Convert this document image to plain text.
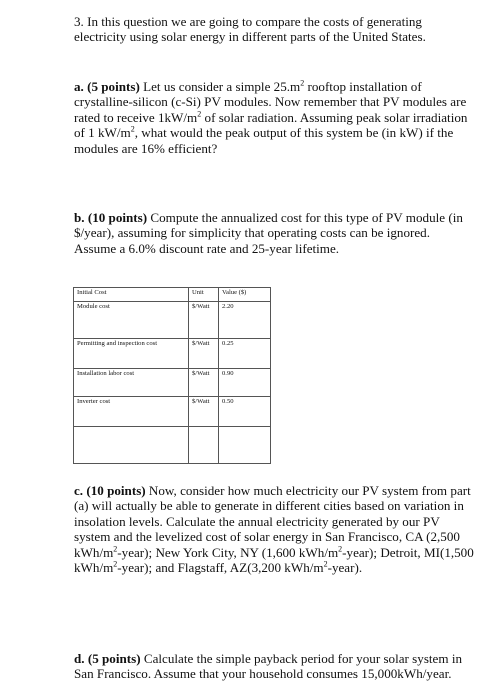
3. In this question we are going to compare the costs of generating electricity using solar energy in different parts of the United States.

a. (5 points) Let us consider a simple $25.m^2$ rooftop installation of crystalline-silicon (c-Si) PV modules. Now remember that PV modules are rated to receive $1kW/m^2$ of solar radiation. Assuming peak solar irradiation of 1 $kW/m^2$, what would the peak output of this system be (in kW) if the modules are 16% efficient?

b. (10 points) Compute the annualized cost for this type of PV module (in $/year), assuming for simplicity that operating costs can be ignored. Assume a 6.0% discount rate and 25-year lifetime.

Initial Cost	Unit	Value ($)
Module cost	$/Watt	2.20
Permitting and inspection cost	$/Watt	0.25
Installation labor cost	$/Watt	0.90
Inverter cost	$/Watt	0.50

c. (10 points) Now, consider how much electricity our PV system from part (a) will actually be able to generate in different cities based on variation in insolation levels. Calculate the annual electricity generated by our PV system and the levelized cost of solar energy in San Francisco, CA (2,500 kWh/$m^2-year$); New York City, NY (1,600 kWh/$m^2-year$); Detroit, MI(1,500 kWh/$m^2-year$); and Flagstaff, AZ(3,200 kWh/$m^2-year$).

d. (5 points) Calculate the simple payback period for your solar system in San Francisco. Assume that your household consumes 15,000kWh/year.
